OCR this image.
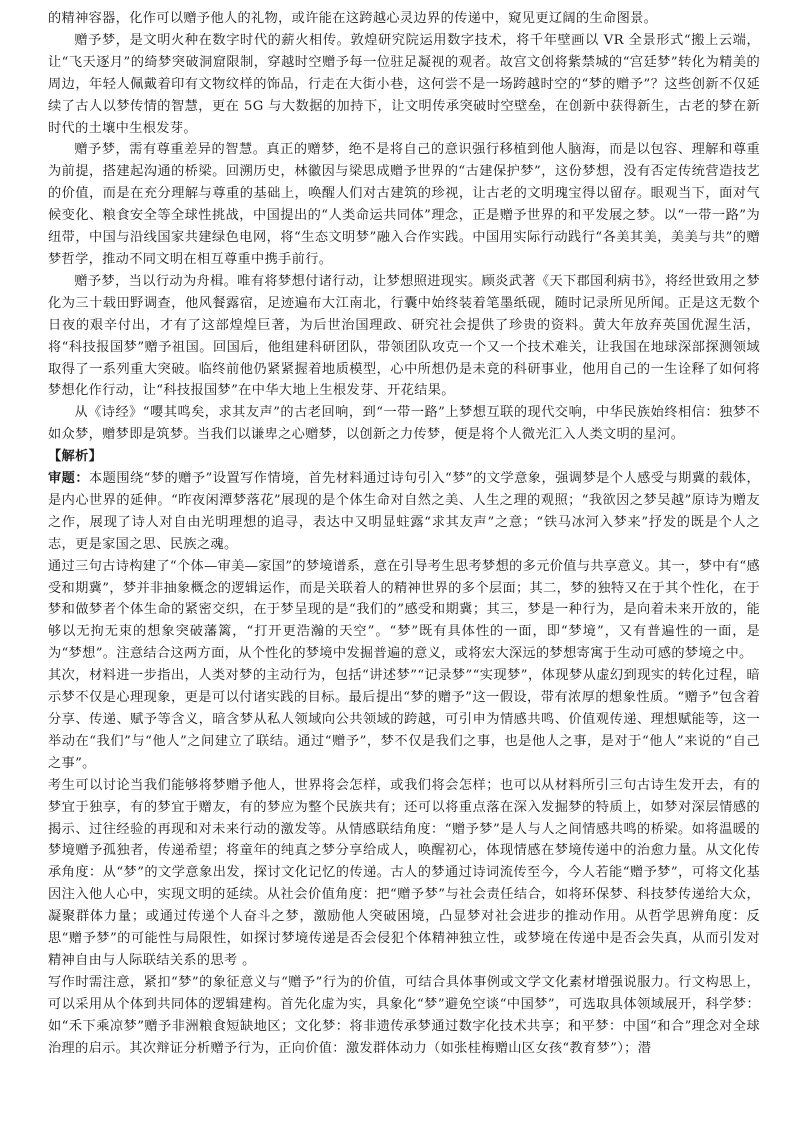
的精神容器，化作可以赠予他人的礼物，或许能在这跨越心灵边界的传递中，窥见更辽阔的生命图景。

赠予梦，是文明火种在数字时代的薪火相传。敦煌研究院运用数字技术，将千年壁画以 VR 全景形式“搬上云端，让“飞天逐月”的绮梦突破洞窟限制，穿越时空赠予每一位驻足凝视的观者。故宫文创将紫禁城的“宫廷梦”转化为精美的周边，年轻人佩戴着印有文物纹样的饰品，行走在大街小巷，这何尝不是一场跨越时空的“梦的赠予”？这些创新不仅延续了古人以梦传情的智慧，更在 5G 与大数据的加持下，让文明传承突破时空壁垒，在创新中获得新生，古老的梦在新时代的土壤中生根发芽。

赠予梦，需有尊重差异的智慧。真正的赠梦，绝不是将自己的意识强行移植到他人脑海，而是以包容、理解和尊重为前提，搭建起沟通的桥梁。回溯历史，林徽因与梁思成赠予世界的“古建保护梦”，这份梦想，没有否定传统营造技艺的价值，而是在充分理解与尊重的基础上，唤醒人们对古建筑的珍视，让古老的文明瑰宝得以留存。眼观当下，面对气候变化、粮食安全等全球性挑战，中国提出的“人类命运共同体”理念，正是赠予世界的和平发展之梦。以“一带一路”为纽带，中国与沿线国家共建绿色电网，将“生态文明梦”融入合作实践。中国用实际行动践行“各美其美，美美与共”的赠梦哲学，推动不同文明在相互尊重中携手前行。

赠予梦，当以行动为舟楫。唯有将梦想付诸行动，让梦想照进现实。顾炎武著《天下郡国利病书》，将经世致用之梦化为三十载田野调查，他风餐露宿，足迹遍布大江南北，行囊中始终装着笔墨纸砚，随时记录所见所闻。正是这无数个日夜的艰辛付出，才有了这部煌煌巨著，为后世治国理政、研究社会提供了珍贵的资料。黄大年放弃英国优渥生活，将“科技报国梦”赠予祖国。回国后，他组建科研团队，带领团队攻克一个又一个技术难关，让我国在地球深部探测领域取得了一系列重大突破。临终前他仍紧紧握着地质模型，心中所想仍是未竟的科研事业，他用自己的一生诠释了如何将梦想化作行动，让“科技报国梦”在中华大地上生根发芽、开花结果。

从《诗经》“嘤其鸣矣，求其友声”的古老回响，到“一带一路”上梦想互联的现代交响，中华民族始终相信：独梦不如众梦，赠梦即是筑梦。当我们以谦卑之心赠梦，以创新之力传梦，便是将个人微光汇入人类文明的星河。

【解析】

审题：本题围绕“梦的赠予”设置写作情境，首先材料通过诗句引入“梦”的文学意象，强调梦是个人感受与期冀的载体，是内心世界的延伸。“昨夜闲潭梦落花”展现的是个体生命对自然之美、人生之理的观照；“我欲因之梦吴越”原诗为赠友之作，展现了诗人对自由光明理想的追寻，表达中又明显蛀露“求其友声”之意；“铁马冰河入梦来”抒发的既是个人之志，更是家国之思、民族之魂。

通过三句古诗构建了“个体—审美—家国”的梦境谱系，意在引导考生思考梦想的多元价值与共享意义。其一，梦中有“感受和期冀”，梦并非抽象概念的逻辑运作，而是关联着人的精神世界的多个层面；其二，梦的独特又在于其个性化，在于梦和做梦者个体生命的紧密交织，在于梦呈现的是“我们的”感受和期冀；其三，梦是一种行为，是向着未来开放的，能够以无拘无束的想象突破藩篱，“打开更浩瀚的天空”。“梦”既有具体性的一面，即“梦境”，又有普遍性的一面，是为“梦想”。注意结合这两方面，从个性化的梦境中发掘普遍的意义，或将宏大深远的梦想寄寓于生动可感的梦境之中。

其次，材料进一步指出，人类对梦的主动行为，包括“讲述梦”“记录梦”“实现梦”，体现梦从虚幻到现实的转化过程，暗示梦不仅是心理现象，更是可以付诸实践的目标。最后提出“梦的赠予”这一假设，带有浓厚的想象性质。“赠予”包含着分享、传递、赋予等含义，暗含梦从私人领域向公共领域的跨越，可引申为情感共鸣、价值观传递、理想赋能等，这一举动在“我们”与“他人”之间建立了联结。通过“赠予”，梦不仅是我们之事，也是他人之事，是对于“他人”来说的“自己之事”。

考生可以讨论当我们能够将梦赠予他人，世界将会怎样，或我们将会怎样；也可以从材料所引三句古诗生发开去，有的梦宜于独享，有的梦宜于赠友，有的梦应为整个民族共有；还可以将重点落在深入发掘梦的特质上，如梦对深层情感的揭示、过往经验的再现和对未来行动的激发等。从情感联结角度：“赠予梦”是人与人之间情感共鸣的桥梁。如将温暖的梦境赠予孤独者，传递希望；将童年的纯真之梦分享给成人，唤醒初心，体现情感在梦境传递中的治愈力量。从文化传承角度：从“梦”的文学意象出发，探讨文化记忆的传递。古人的梦通过诗词流传至今，今人若能“赠予梦”，可将文化基因注入他人心中，实现文明的延续。从社会价值角度：把“赠予梦”与社会责任结合，如将环保梦、科技梦传递给大众，凝聚群体力量；或通过传递个人奋斗之梦，激励他人突破困境，凸显梦对社会进步的推动作用。从哲学思辨角度：反思“赠予梦”的可能性与局限性，如探讨梦境传递是否会侵犯个体精神独立性，或梦境在传递中是否会失真，从而引发对精神自由与人际联结关系的思考 。

写作时需注意，紧扣“梦”的象征意义与“赠予”行为的价值，可结合具体事例或文学文化素材增强说服力。行文构思上，可以采用从个体到共同体的逻辑建构。首先化虚为实，具象化“梦”避免空谈“中国梦”，可选取具体领域展开，科学梦：如“禾下乘凉梦”赠予非洲粮食短缺地区；文化梦：将非遗传承梦通过数字化技术共享；和平梦：中国“和合”理念对全球治理的启示。其次辩证分析赠予行为，正向价值：激发群体动力（如张桂梅赠山区女孩“教育梦”）；潜
